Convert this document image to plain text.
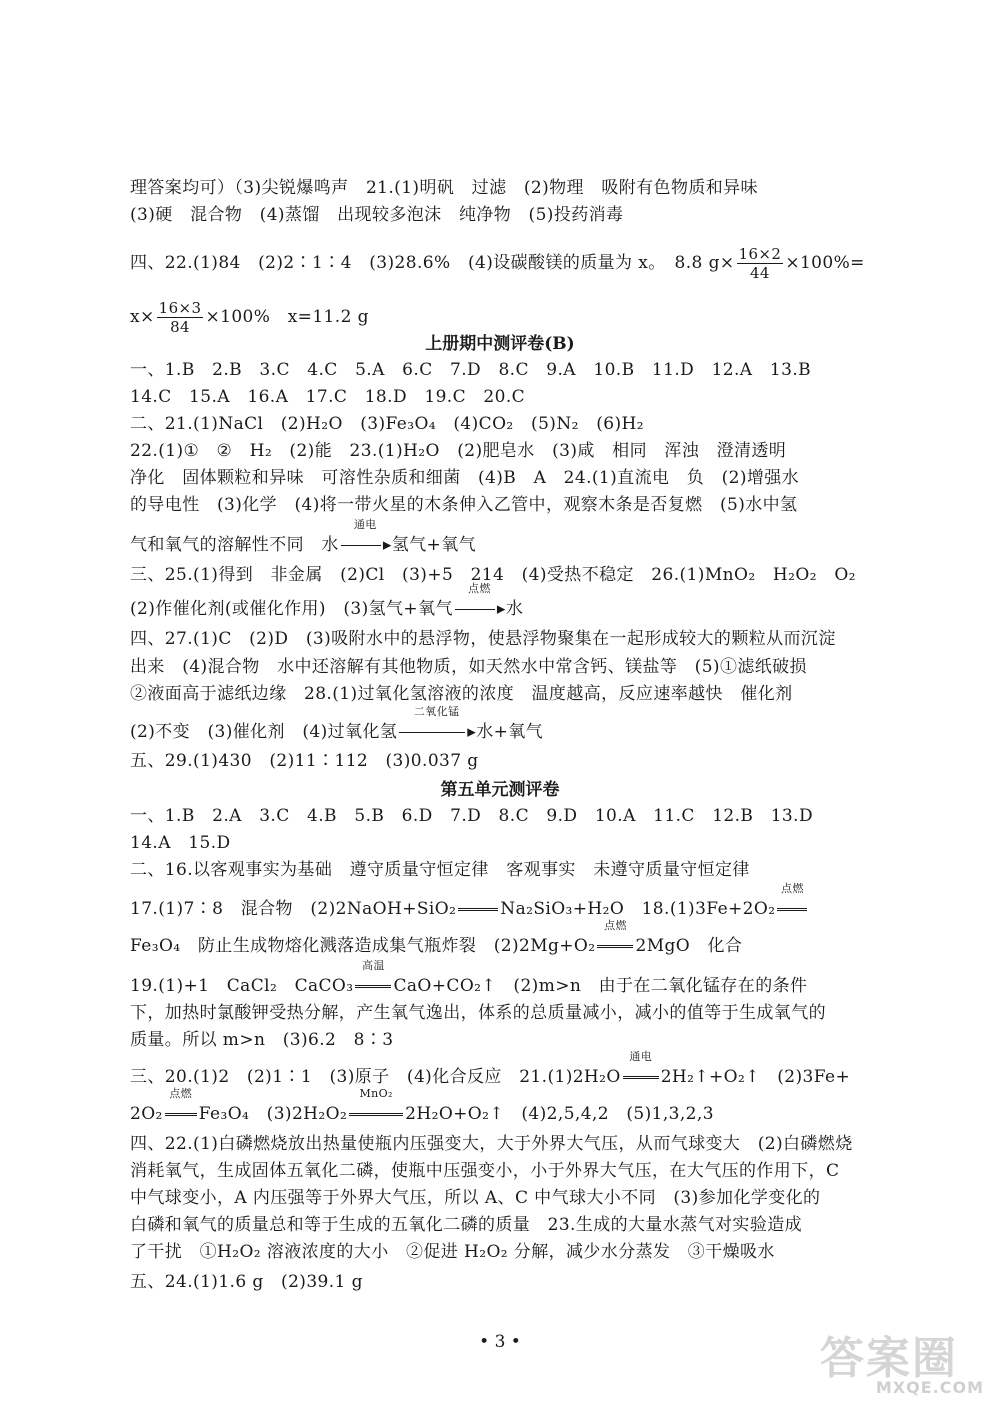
理答案均可）（3)尖锐爆鸣声　21.(1)明矾　过滤　(2)物理　吸附有色物质和异味
(3)硬　混合物　(4)蒸馏　出现较多泡沫　纯净物　(5)投药消毒
四、22.(1)84　(2)2∶1∶4　(3)28.6%　(4)设碳酸镁的质量为 x。　8.8 $g\times \frac{16\times 2}{44} \times 100\%=$
$x\times \frac{16\times 3}{84} \times 100\%$　x=11.2 g
上册期中测评卷(B)
一、1.B　2.B　3.C　4.C　5.A　6.C　7.D　8.C　9.A　10.B　11.D　12.A　13.B
14.C　15.A　16.A　17.C　18.D　19.C　20.C
二、21.(1)NaCl　(2)H₂O　(3)Fe₃O₄　(4)CO₂　(5)N₂　(6)H₂
22.(1)①　②　H₂　(2)能　23.(1)H₂O　(2)肥皂水　(3)咸　相同　浑浊　澄清透明
净化　固体颗粒和异味　可溶性杂质和细菌　(4)B　A　24.(1)直流电　负　(2)增强水
的导电性　(3)化学　(4)将一带火星的木条伸入乙管中，观察木条是否复燃　(5)水中氢
气和氧气的溶解性不同　水
通电
▸氢气+氧气
三、25.(1)得到　非金属　(2)Cl　(3)+5　214　(4)受热不稳定　26.(1)MnO₂　H₂O₂　O₂
(2)作催化剂(或催化作用)　(3)氢气+氧气
点燃
▸水
四、27.(1)C　(2)D　(3)吸附水中的悬浮物，使悬浮物聚集在一起形成较大的颗粒从而沉淀
出来　(4)混合物　水中还溶解有其他物质，如天然水中常含钙、镁盐等　(5)①滤纸破损
②液面高于滤纸边缘　28.(1)过氧化氢溶液的浓度　温度越高，反应速率越快　催化剂
(2)不变　(3)催化剂　(4)过氧化氢
二氧化锰
▸水+氧气
五、29.(1)430　(2)11∶112　(3)0.037 g
第五单元测评卷
一、1.B　2.A　3.C　4.B　5.B　6.D　7.D　8.C　9.D　10.A　11.C　12.B　13.D
14.A　15.D
二、16.以客观事实为基础　遵守质量守恒定律　客观事实　未遵守质量守恒定律
17.(1)7∶8　混合物　(2)2NaOH+SiO₂	Na₂SiO₃+H₂O　18.(1)3Fe+2O₂
点燃
Fe₃O₄　防止生成物熔化溅落造成集气瓶炸裂　(2)2Mg+O₂
点燃
2MgO　化合
19.(1)+1　CaCl₂　CaCO₃
高温
CaO+CO₂↑　(2)m>n　由于在二氧化锰存在的条件
下，加热时氯酸钾受热分解，产生氧气逸出，体系的总质量减小，减小的值等于生成氧气的
质量。所以 m>n　(3)6.2　8∶3
三、20.(1)2　(2)1∶1　(3)原子　(4)化合反应　21.(1)2H₂O
通电
2H₂↑+O₂↑　(2)3Fe+
2O₂
点燃
Fe₃O₄　(3)2H₂O₂
MnO₂
2H₂O+O₂↑　(4)2,5,4,2　(5)1,3,2,3
四、22.(1)白磷燃烧放出热量使瓶内压强变大，大于外界大气压，从而气球变大　(2)白磷燃烧
消耗氧气，生成固体五氧化二磷，使瓶中压强变小，小于外界大气压，在大气压的作用下，C
中气球变小，A 内压强等于外界大气压，所以 A、C 中气球大小不同　(3)参加化学变化的
白磷和氧气的质量总和等于生成的五氧化二磷的质量　23.生成的大量水蒸气对实验造成
了干扰　①H₂O₂ 溶液浓度的大小　②促进 H₂O₂ 分解，减少水分蒸发　③干燥吸水
五、24.(1)1.6 g　(2)39.1 g
• 3 •	答案圈
MXQE.COM
